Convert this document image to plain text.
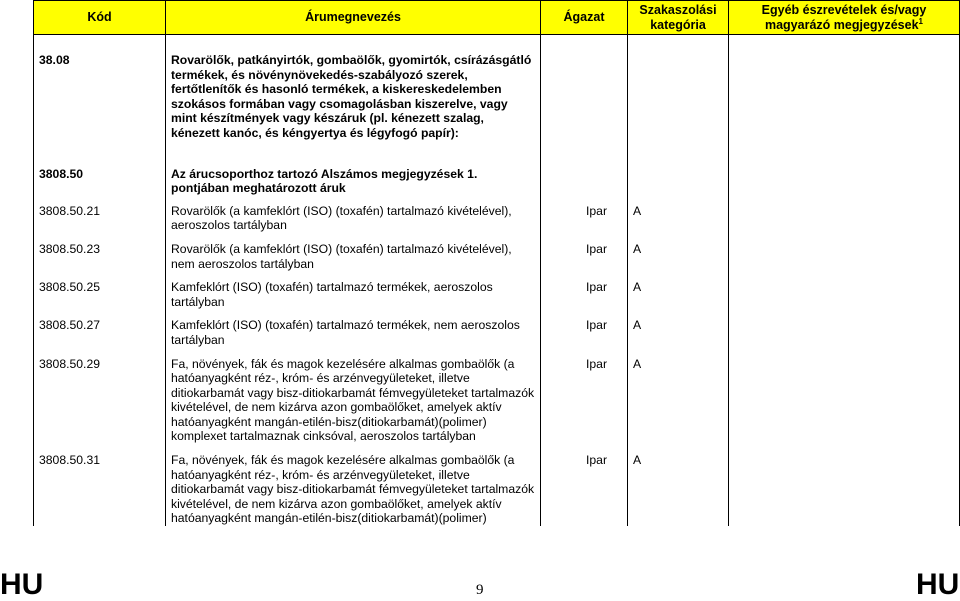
Kód	Árumegnevezés	Ágazat	Szakaszolási kategória	Egyéb észrevételek és/vagy magyarázó megjegyzések$^1$
38.08	Rovarölők, patkányirtók, gombaölők, gyomirtók, csírázásgátló termékek, és növénynövekedés-szabályozó szerek, fertőtlenítők és hasonló termékek, a kiskereskedelemben szokásos formában vagy csomagolásban kiszerelve, vagy mint készítmények vagy készáruk (pl. kénezett szalag, kénezett kanóc, és kéngyertya és légyfogó papír):			
3808.50	Az árucsoporthoz tartozó Alszámos megjegyzések 1. pontjában meghatározott áruk			
3808.50.21	Rovarölők (a kamfeklórt (ISO) (toxafén) tartalmazó kivételével), aeroszolos tartályban	Ipar	A	
3808.50.23	Rovarölők (a kamfeklórt (ISO) (toxafén) tartalmazó kivételével), nem aeroszolos tartályban	Ipar	A	
3808.50.25	Kamfeklórt (ISO) (toxafén) tartalmazó termékek, aeroszolos tartályban	Ipar	A	
3808.50.27	Kamfeklórt (ISO) (toxafén) tartalmazó termékek, nem aeroszolos tartályban	Ipar	A	
3808.50.29	Fa, növények, fák és magok kezelésére alkalmas gombaölők (a hatóanyagként réz-, króm- és arzénvegyületeket, illetve ditiokarbamát vagy bisz-ditiokarbamát fémvegyületeket tartalmazók kivételével, de nem kizárva azon gombaölőket, amelyek aktív hatóanyagként mangán-etilén-bisz(ditiokarbamát)(polimer) komplexet tartalmaznak cinksóval, aeroszolos tartályban	Ipar	A	
3808.50.31	Fa, növények, fák és magok kezelésére alkalmas gombaölők (a hatóanyagként réz-, króm- és arzénvegyületeket, illetve ditiokarbamát vagy bisz-ditiokarbamát fémvegyületeket tartalmazók kivételével, de nem kizárva azon gombaölőket, amelyek aktív hatóanyagként mangán-etilén-bisz(ditiokarbamát)(polimer)	Ipar	A	
HU	9	HU
